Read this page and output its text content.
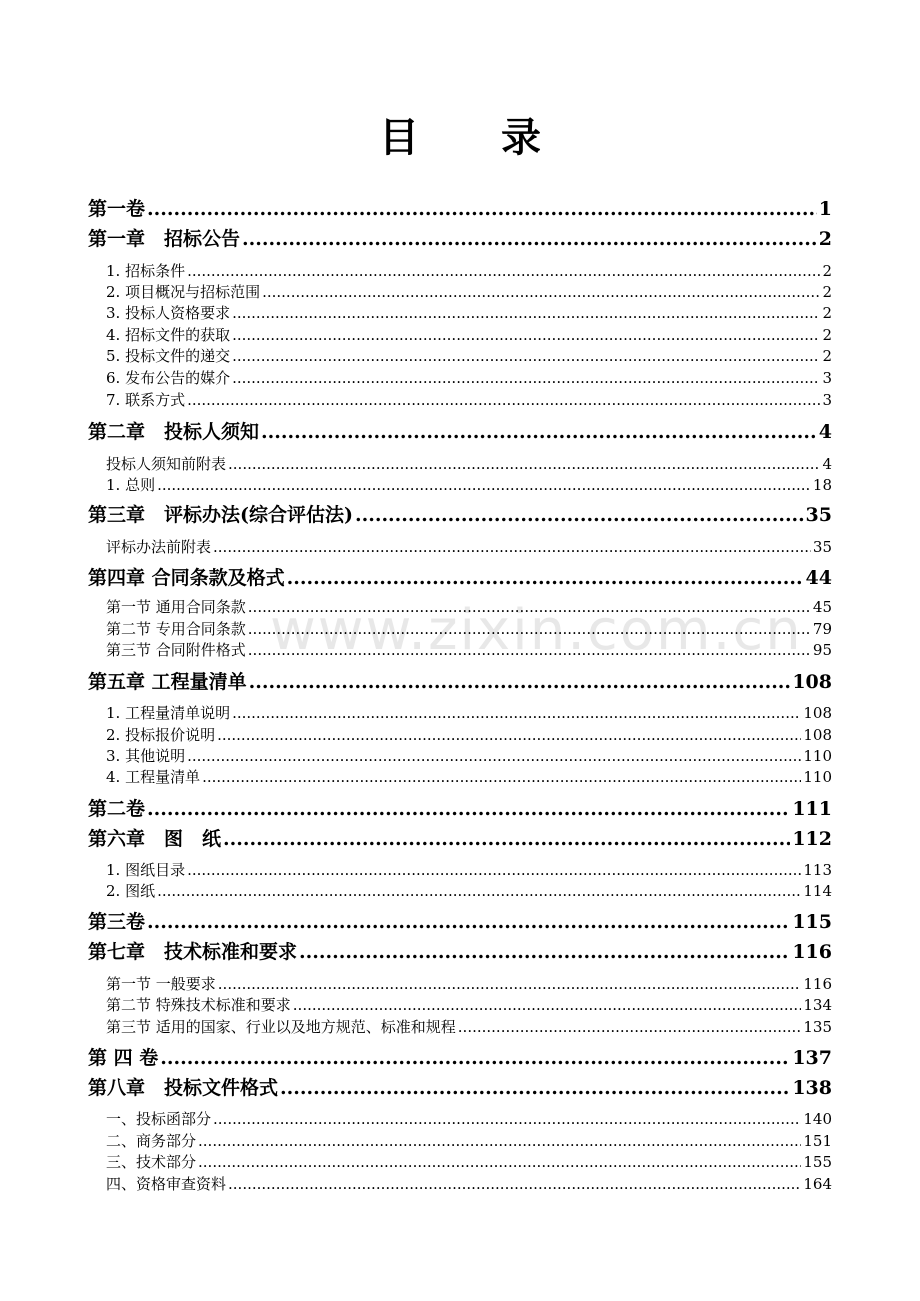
目 录
www.zixin.com.cn
第一卷 .....	1
第一章　招标公告 .....	2
1. 招标条件 .....	2
2. 项目概况与招标范围 .....	2
3. 投标人资格要求 .....	2
4. 招标文件的获取 .....	2
5. 投标文件的递交 .....	2
6. 发布公告的媒介 .....	3
7. 联系方式 .....	3
第二章　投标人须知 .....	4
投标人须知前附表 .....	4
1. 总则 .....	18
第三章　评标办法(综合评估法) .....	35
评标办法前附表 .....	35
第四章 合同条款及格式 .....	44
第一节 通用合同条款 .....	45
第二节 专用合同条款 .....	79
第三节 合同附件格式 .....	95
第五章 工程量清单 .....	108
1. 工程量清单说明 .....	108
2. 投标报价说明 .....	108
3. 其他说明 .....	110
4. 工程量清单 .....	110
第二卷 .....	111
第六章　图　纸 .....	112
1. 图纸目录 .....	113
2. 图纸 .....	114
第三卷 .....	115
第七章　技术标准和要求 .....	116
第一节 一般要求 .....	116
第二节 特殊技术标准和要求 .....	134
第三节 适用的国家、行业以及地方规范、标准和规程 .....	135
第 四 卷 .....	137
第八章　投标文件格式 .....	138
一、投标函部分 .....	140
二、商务部分 .....	151
三、技术部分 .....	155
四、资格审查资料 .....	164
